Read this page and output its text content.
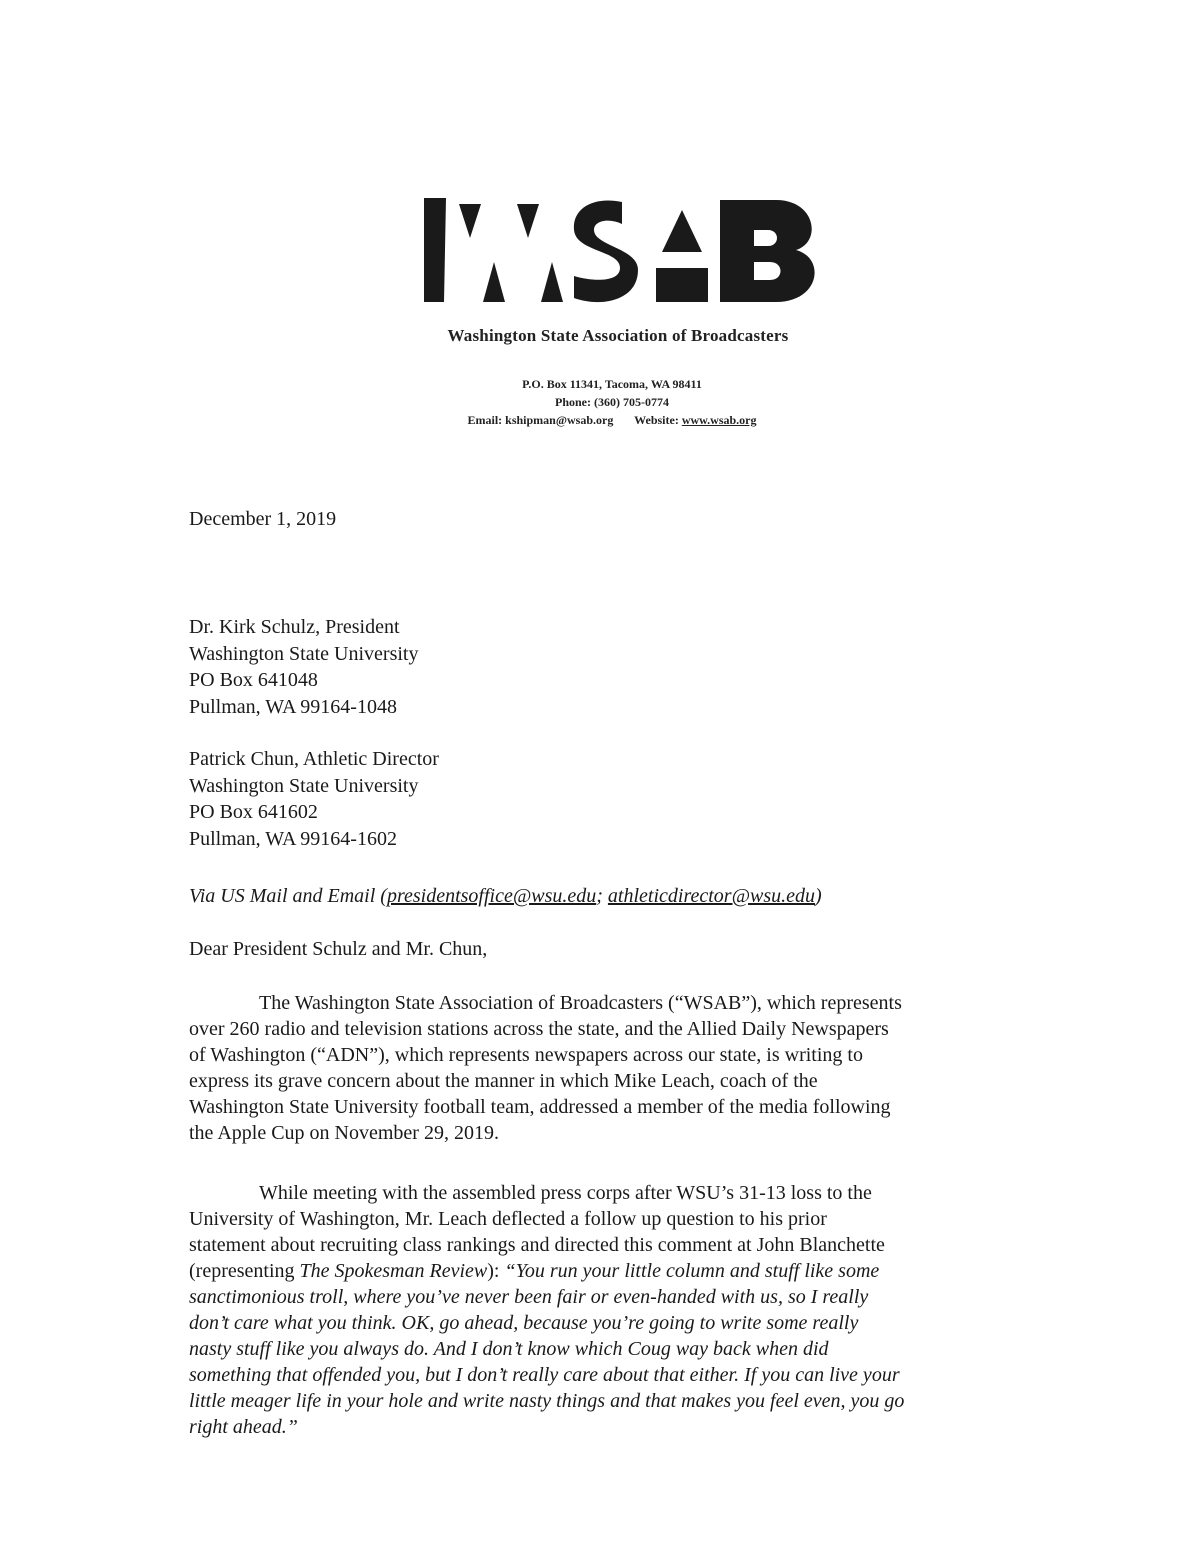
WSAB
Washington State Association of Broadcasters
P.O. Box 11341, Tacoma, WA 98411
Phone: (360) 705-0774
Email: kshipman@wsab.org Website: www.wsab.org
December 1, 2019
Dr. Kirk Schulz, President
Washington State University
PO Box 641048
Pullman, WA 99164-1048
Patrick Chun, Athletic Director
Washington State University
PO Box 641602
Pullman, WA 99164-1602
Via US Mail and Email (presidentsoffice@wsu.edu; athleticdirector@wsu.edu)
Dear President Schulz and Mr. Chun,
The Washington State Association of Broadcasters (“WSAB”), which represents
over 260 radio and television stations across the state, and the Allied Daily Newspapers
of Washington (“ADN”), which represents newspapers across our state, is writing to
express its grave concern about the manner in which Mike Leach, coach of the
Washington State University football team, addressed a member of the media following
the Apple Cup on November 29, 2019.
While meeting with the assembled press corps after WSU’s 31-13 loss to the
University of Washington, Mr. Leach deflected a follow up question to his prior
statement about recruiting class rankings and directed this comment at John Blanchette
(representing The Spokesman Review): “You run your little column and stuff like some
sanctimonious troll, where you’ve never been fair or even-handed with us, so I really
don’t care what you think. OK, go ahead, because you’re going to write some really
nasty stuff like you always do. And I don’t know which Coug way back when did
something that offended you, but I don’t really care about that either. If you can live your
little meager life in your hole and write nasty things and that makes you feel even, you go
right ahead.”
